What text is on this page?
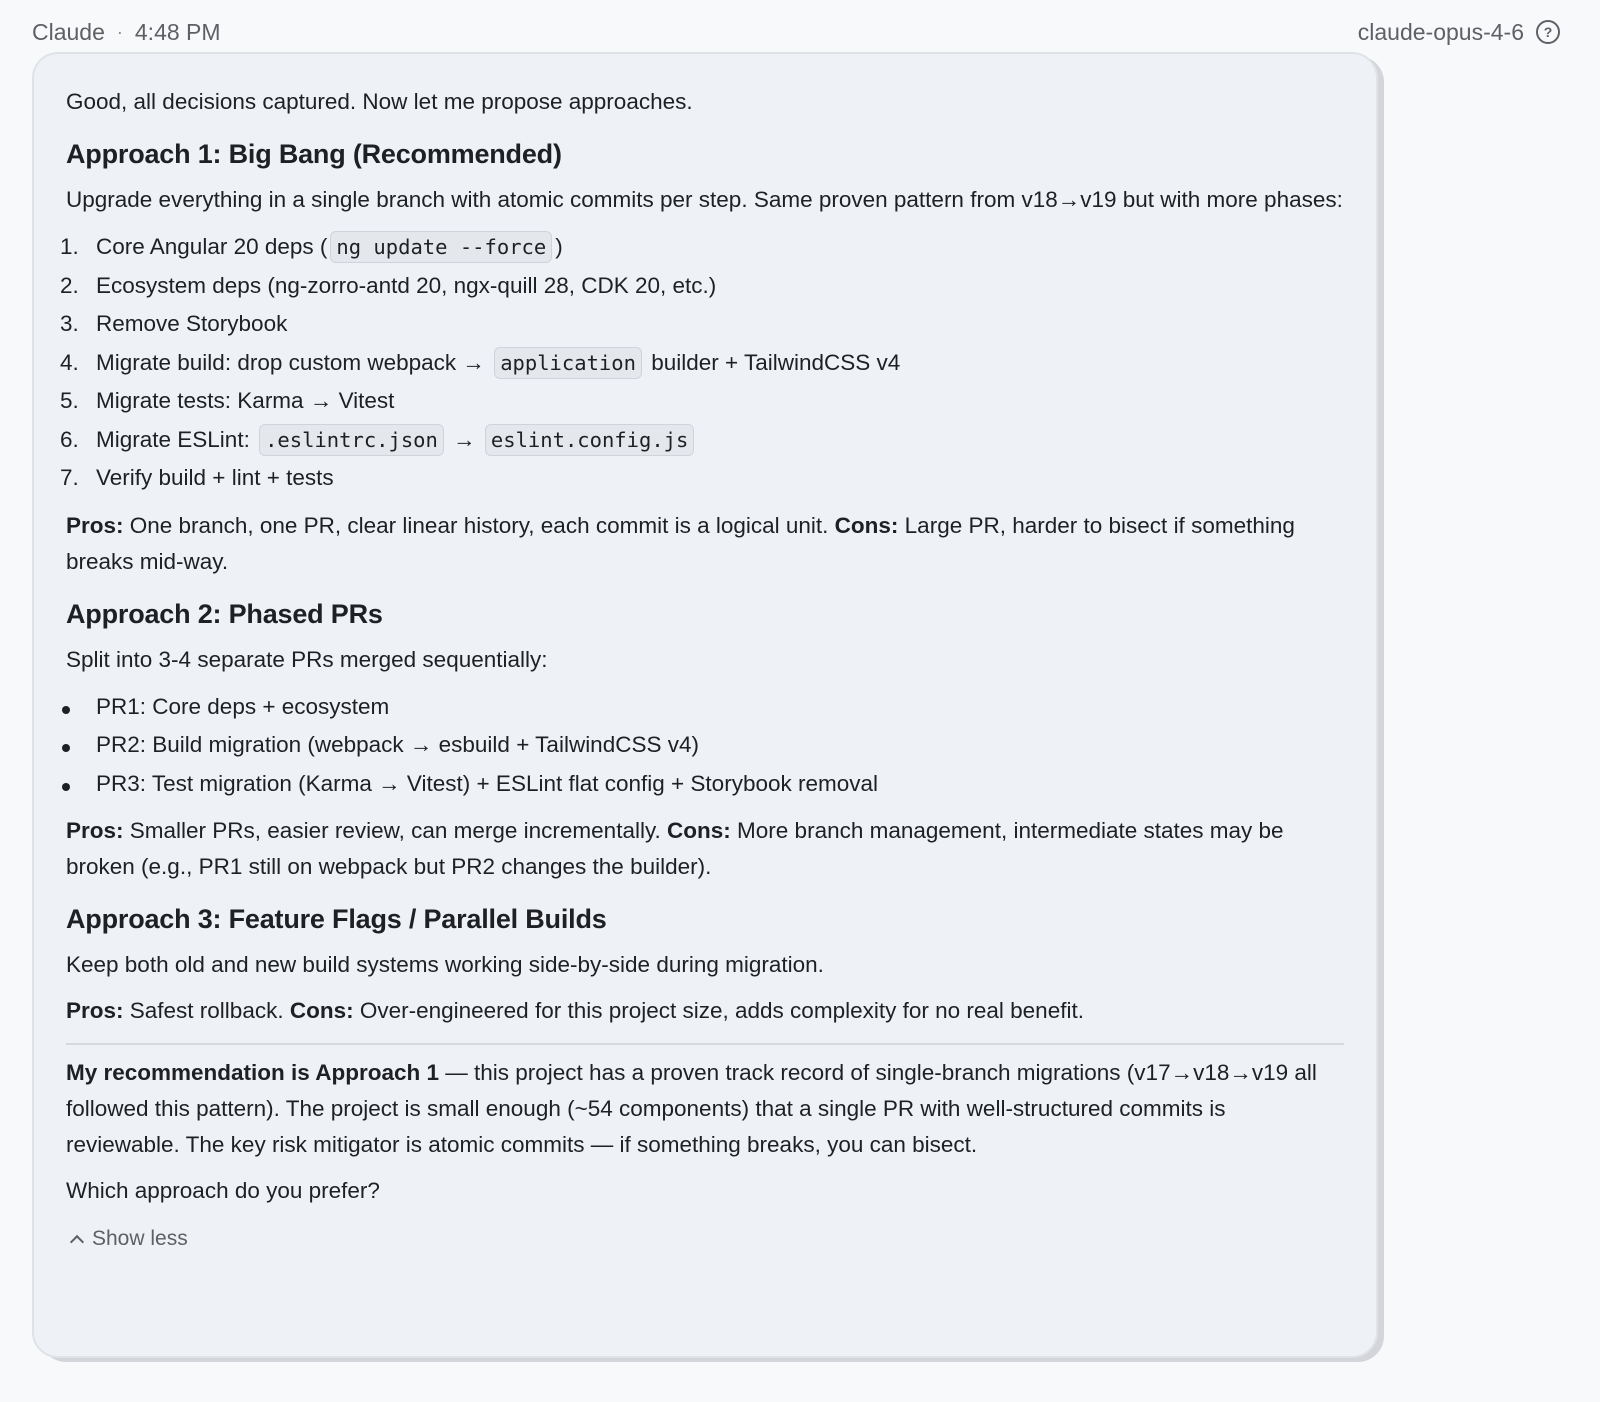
Claude · 4:48 PM	claude-opus-4-6	?

Good, all decisions captured. Now let me propose approaches.

Approach 1: Big Bang (Recommended)

Upgrade everything in a single branch with atomic commits per step. Same proven pattern from v18→v19 but with more phases:

1. Core Angular 20 deps ( ng update --force )
2. Ecosystem deps (ng-zorro-antd 20, ngx-quill 28, CDK 20, etc.)
3. Remove Storybook
4. Migrate build: drop custom webpack → application builder + TailwindCSS v4
5. Migrate tests: Karma → Vitest
6. Migrate ESLint: .eslintrc.json → eslint.config.js
7. Verify build + lint + tests

Pros: One branch, one PR, clear linear history, each commit is a logical unit. Cons: Large PR, harder to bisect if something breaks mid-way.

Approach 2: Phased PRs

Split into 3-4 separate PRs merged sequentially:

PR1: Core deps + ecosystem
PR2: Build migration (webpack → esbuild + TailwindCSS v4)
PR3: Test migration (Karma → Vitest) + ESLint flat config + Storybook removal

Pros: Smaller PRs, easier review, can merge incrementally. Cons: More branch management, intermediate states may be broken (e.g., PR1 still on webpack but PR2 changes the builder).

Approach 3: Feature Flags / Parallel Builds

Keep both old and new build systems working side-by-side during migration.

Pros: Safest rollback. Cons: Over-engineered for this project size, adds complexity for no real benefit.

My recommendation is Approach 1 — this project has a proven track record of single-branch migrations (v17→v18→v19 all followed this pattern). The project is small enough (~54 components) that a single PR with well-structured commits is reviewable. The key risk mitigator is atomic commits — if something breaks, you can bisect.

Which approach do you prefer?

Show less
